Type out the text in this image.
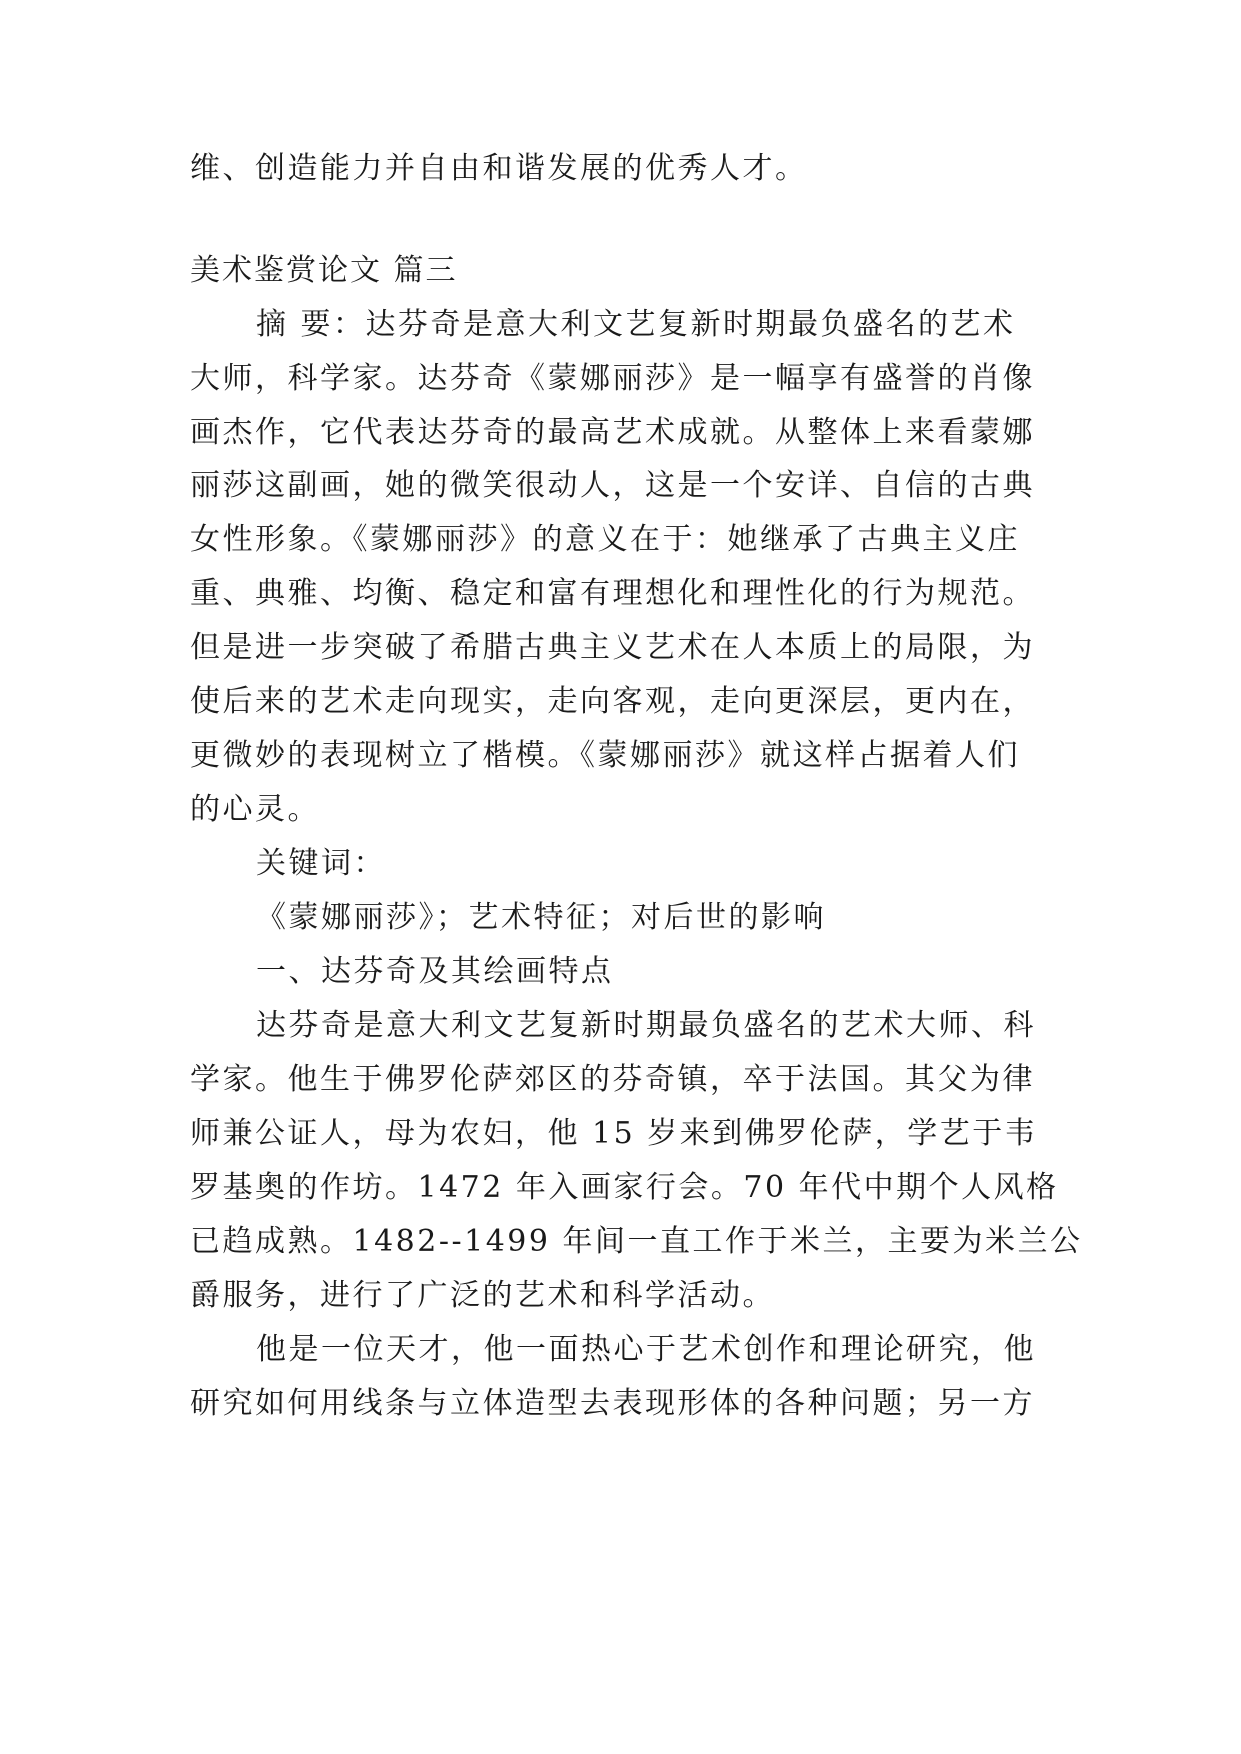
维、创造能力并自由和谐发展的优秀人才。
美术鉴赏论文 篇三
摘 要：达芬奇是意大利文艺复新时期最负盛名的艺术
大师，科学家。达芬奇《蒙娜丽莎》是一幅享有盛誉的肖像
画杰作，它代表达芬奇的最高艺术成就。从整体上来看蒙娜
丽莎这副画，她的微笑很动人，这是一个安详、自信的古典
女性形象。《蒙娜丽莎》的意义在于：她继承了古典主义庄
重、典雅、均衡、稳定和富有理想化和理性化的行为规范。
但是进一步突破了希腊古典主义艺术在人本质上的局限，为
使后来的艺术走向现实，走向客观，走向更深层，更内在，
更微妙的表现树立了楷模。《蒙娜丽莎》就这样占据着人们
的心灵。
关键词：
《蒙娜丽莎》；艺术特征；对后世的影响
一、达芬奇及其绘画特点
达芬奇是意大利文艺复新时期最负盛名的艺术大师、科
学家。他生于佛罗伦萨郊区的芬奇镇，卒于法国。其父为律
师兼公证人，母为农妇，他 15 岁来到佛罗伦萨，学艺于韦
罗基奥的作坊。1472 年入画家行会。70 年代中期个人风格
已趋成熟。1482--1499 年间一直工作于米兰，主要为米兰公
爵服务，进行了广泛的艺术和科学活动。
他是一位天才，他一面热心于艺术创作和理论研究，他
研究如何用线条与立体造型去表现形体的各种问题；另一方
